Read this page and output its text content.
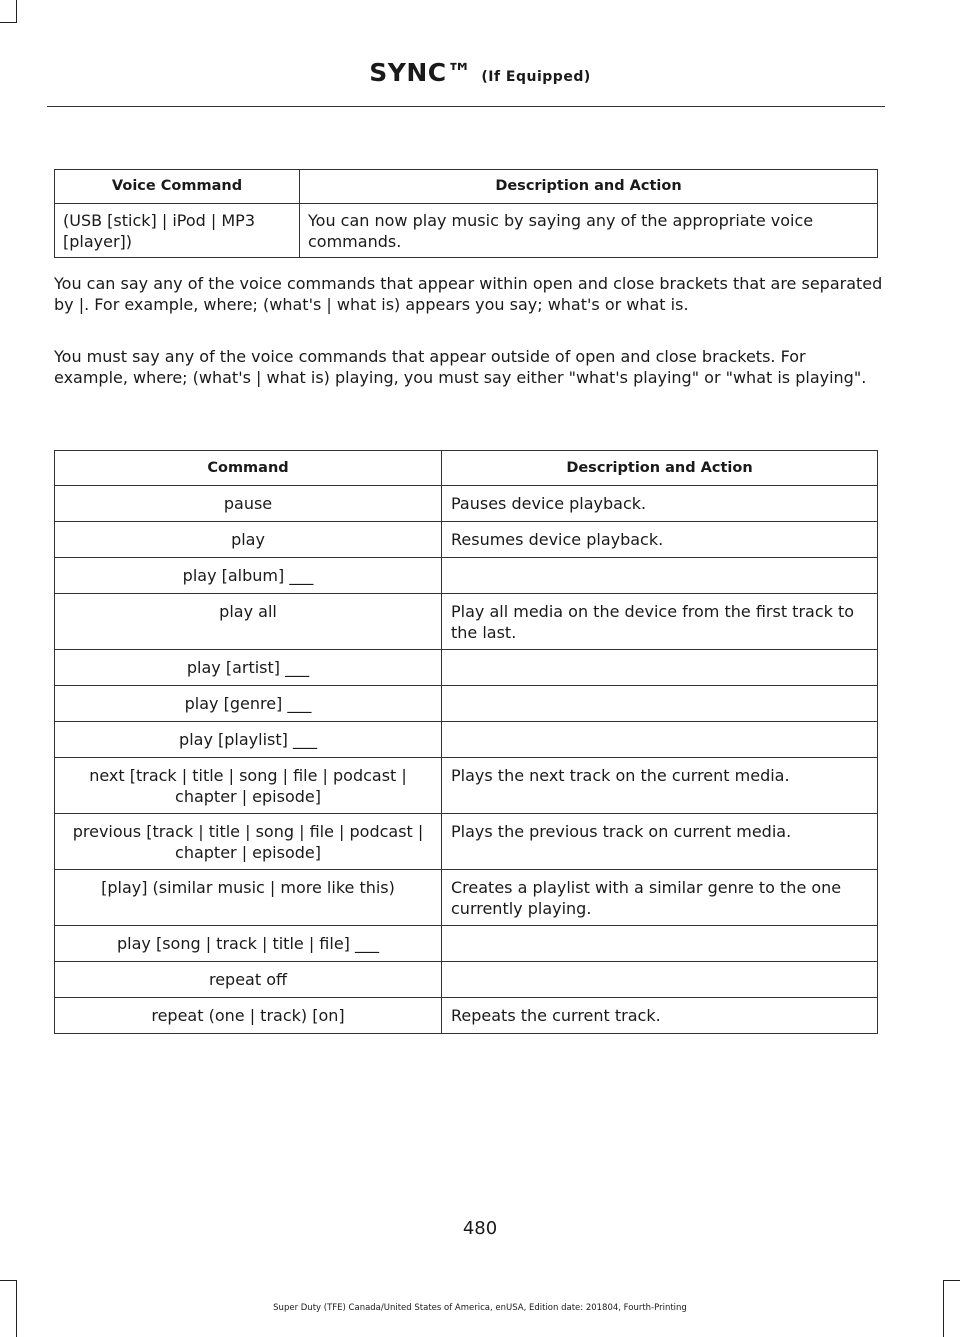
SYNC™ (If Equipped)
Voice Command	Description and Action
(USB [stick] | iPod | MP3 [player])	You can now play music by saying any of the appropriate voice commands.

You can say any of the voice commands that appear within open and close brackets that are separated by |. For example, where; (what's | what is) appears you say; what's or what is.

You must say any of the voice commands that appear outside of open and close brackets. For example, where; (what's | what is) playing, you must say either "what's playing" or "what is playing".

Command	Description and Action
pause	Pauses device playback.
play	Resumes device playback.
play [album] ___	
play all	Play all media on the device from the first track to the last.
play [artist] ___	
play [genre] ___	
play [playlist] ___	
next [track | title | song | file | podcast | chapter | episode]	Plays the next track on the current media.
previous [track | title | song | file | podcast | chapter | episode]	Plays the previous track on current media.
[play] (similar music | more like this)	Creates a playlist with a similar genre to the one currently playing.
play [song | track | title | file] ___	
repeat off	
repeat (one | track) [on]	Repeats the current track.
480
Super Duty (TFE) Canada/United States of America, enUSA, Edition date: 201804, Fourth-Printing
